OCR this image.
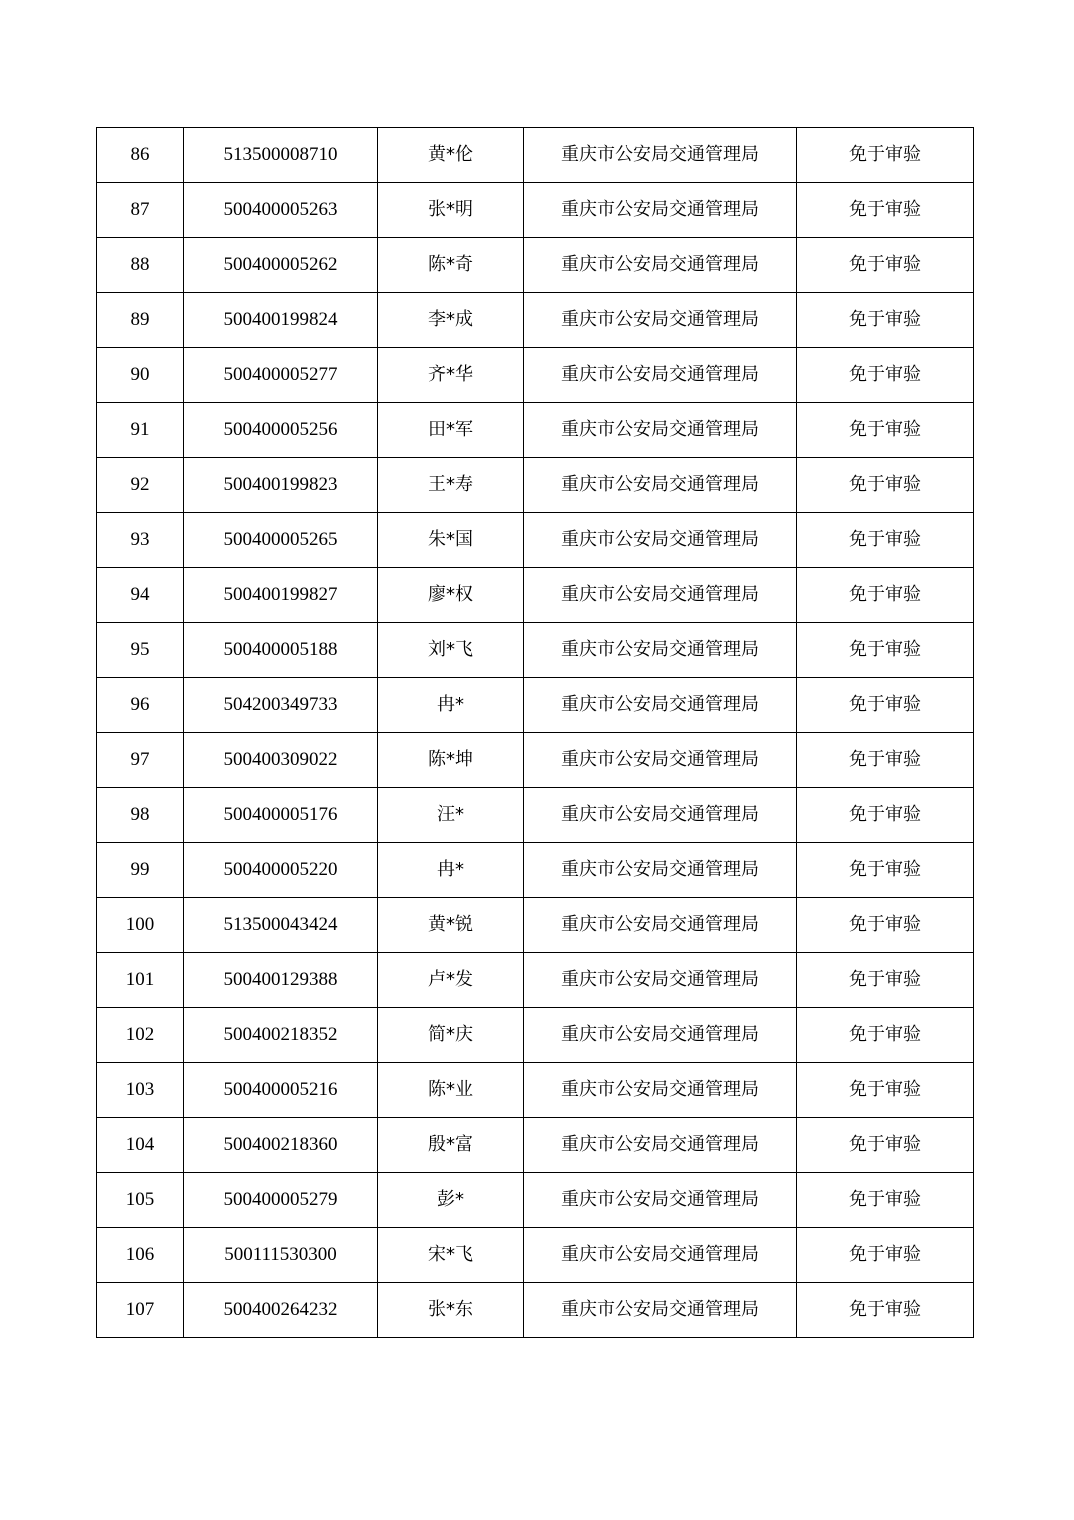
86	513500008710	黄*伦	重庆市公安局交通管理局	免于审验
87	500400005263	张*明	重庆市公安局交通管理局	免于审验
88	500400005262	陈*奇	重庆市公安局交通管理局	免于审验
89	500400199824	李*成	重庆市公安局交通管理局	免于审验
90	500400005277	齐*华	重庆市公安局交通管理局	免于审验
91	500400005256	田*军	重庆市公安局交通管理局	免于审验
92	500400199823	王*寿	重庆市公安局交通管理局	免于审验
93	500400005265	朱*国	重庆市公安局交通管理局	免于审验
94	500400199827	廖*权	重庆市公安局交通管理局	免于审验
95	500400005188	刘*飞	重庆市公安局交通管理局	免于审验
96	504200349733	冉*	重庆市公安局交通管理局	免于审验
97	500400309022	陈*坤	重庆市公安局交通管理局	免于审验
98	500400005176	汪*	重庆市公安局交通管理局	免于审验
99	500400005220	冉*	重庆市公安局交通管理局	免于审验
100	513500043424	黄*锐	重庆市公安局交通管理局	免于审验
101	500400129388	卢*发	重庆市公安局交通管理局	免于审验
102	500400218352	简*庆	重庆市公安局交通管理局	免于审验
103	500400005216	陈*业	重庆市公安局交通管理局	免于审验
104	500400218360	殷*富	重庆市公安局交通管理局	免于审验
105	500400005279	彭*	重庆市公安局交通管理局	免于审验
106	500111530300	宋*飞	重庆市公安局交通管理局	免于审验
107	500400264232	张*东	重庆市公安局交通管理局	免于审验
